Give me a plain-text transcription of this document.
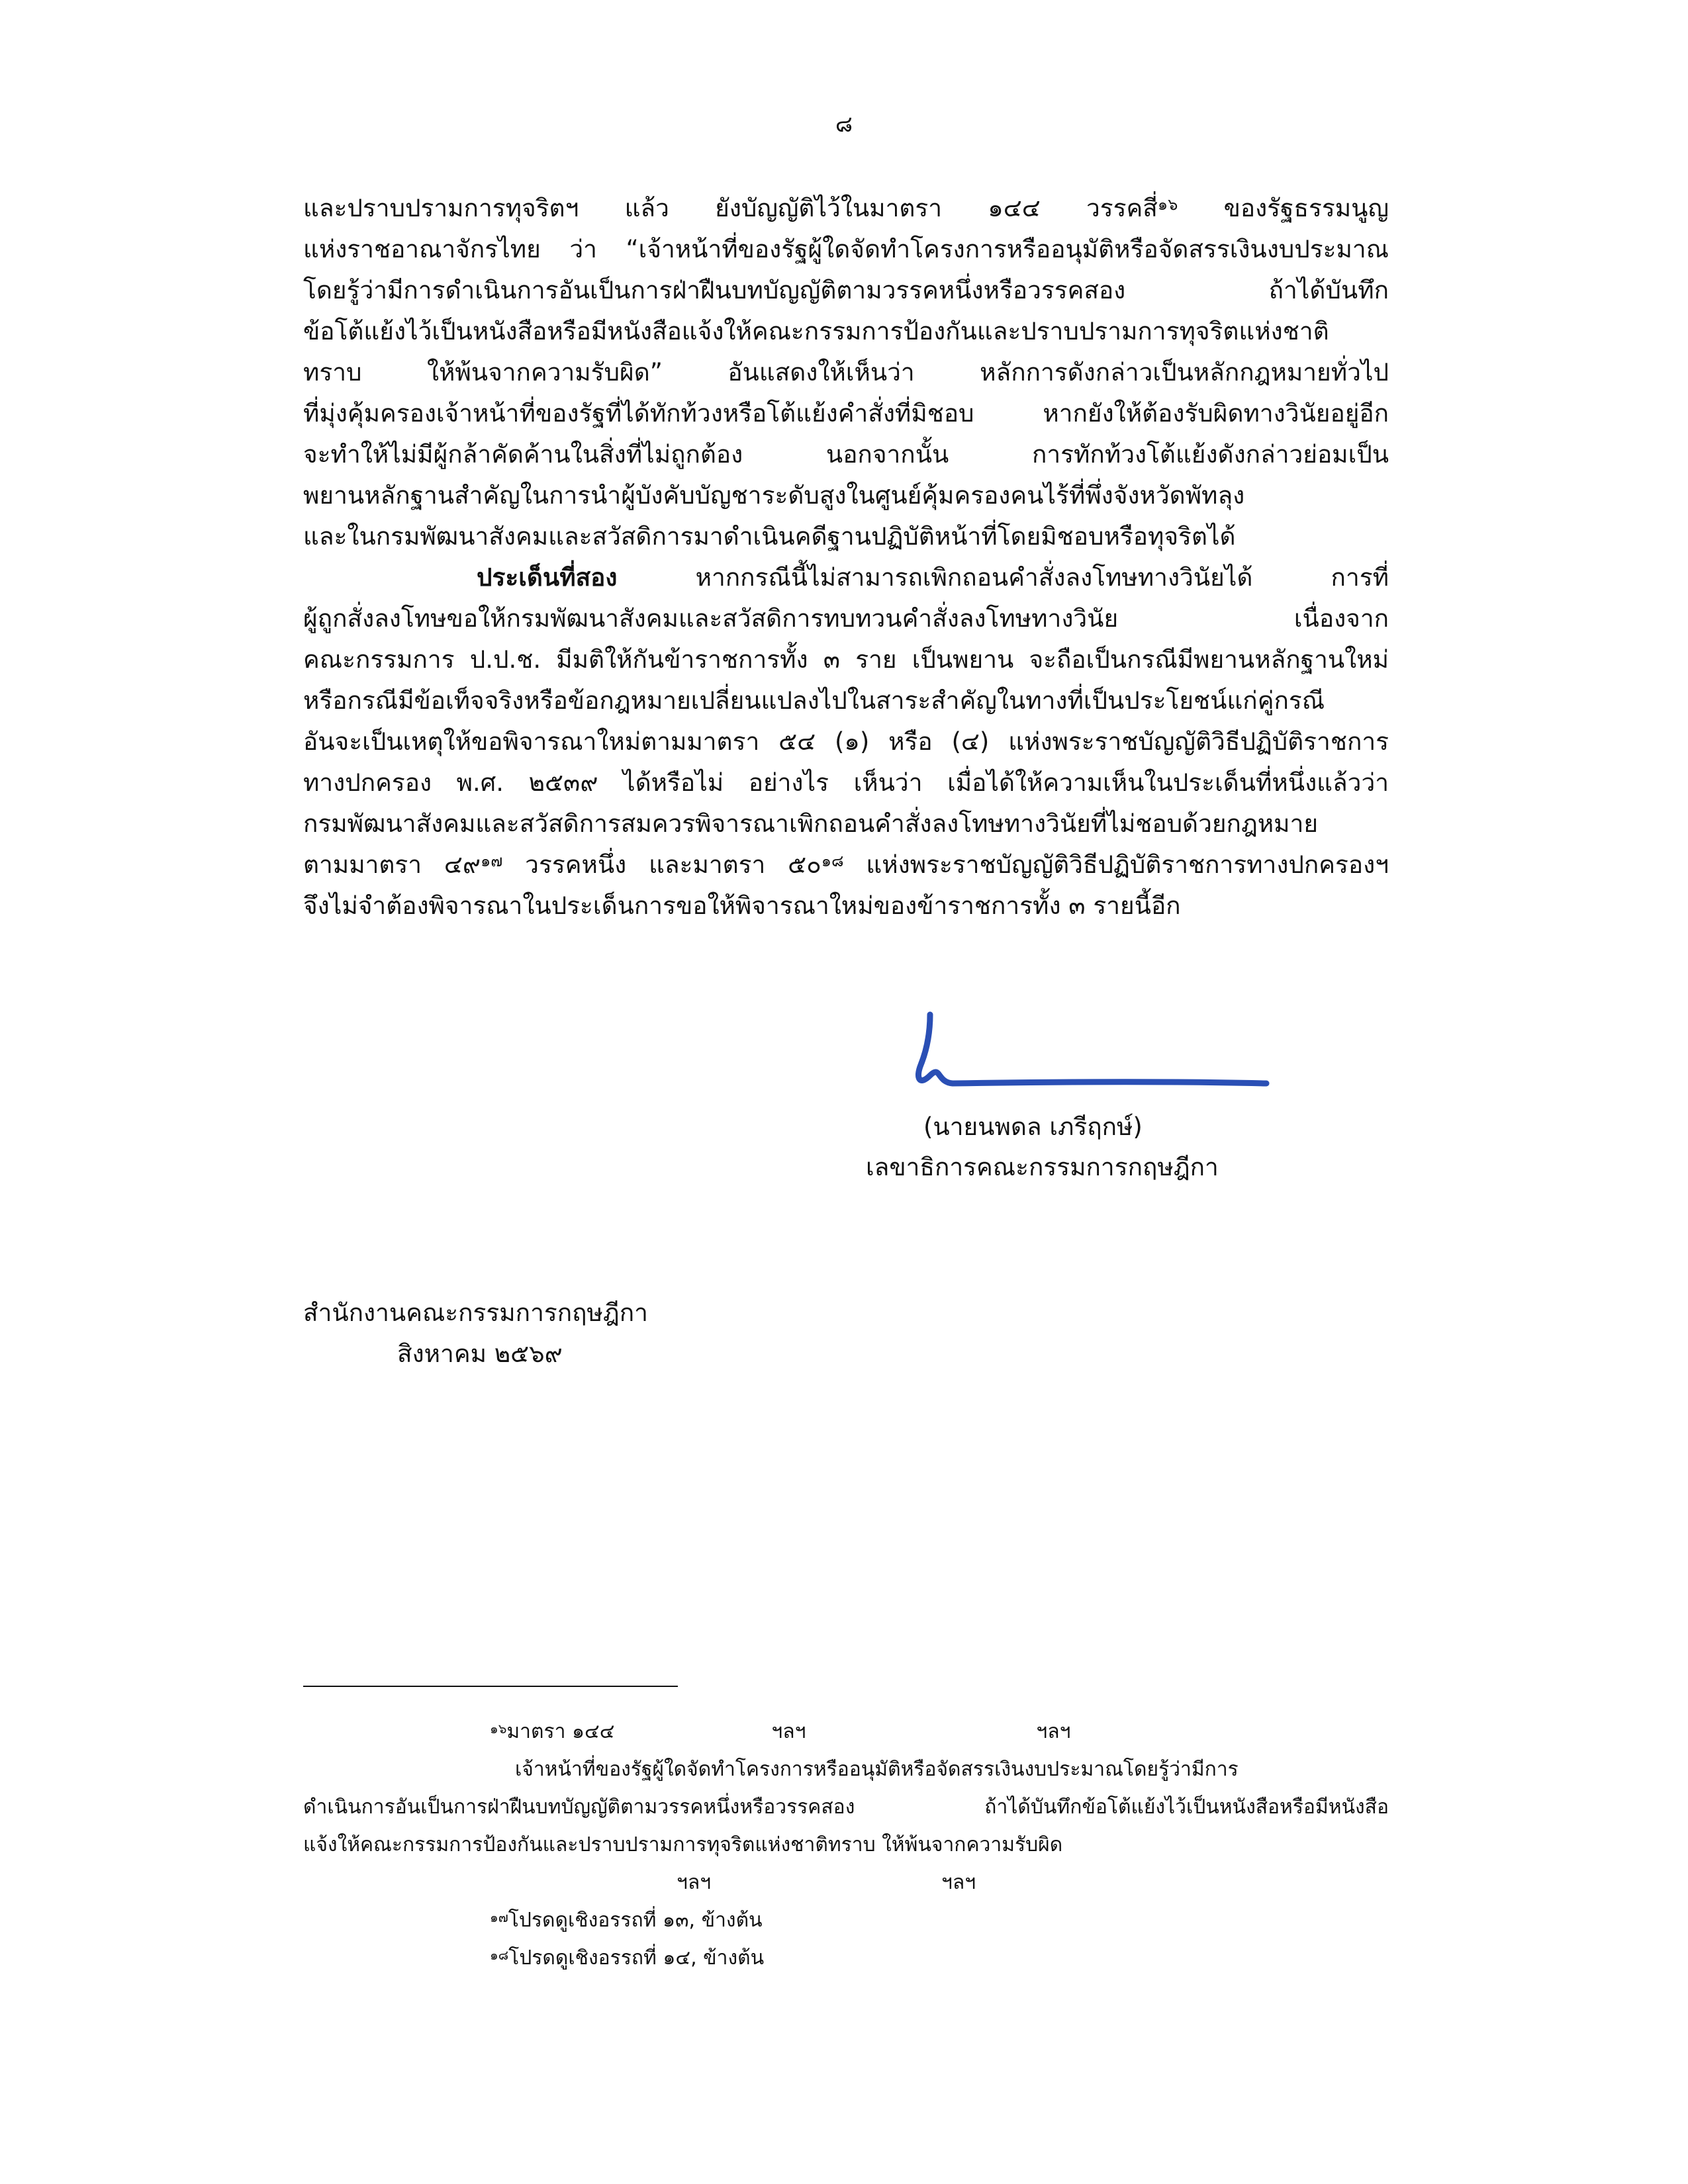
๘
และปราบปรามการทุจริตฯ แล้ว ยังบัญญัติไว้ในมาตรา ๑๔๔ วรรคสี่$^{๑๖}$ ของรัฐธรรมนูญ
แห่งราชอาณาจักรไทย ว่า “เจ้าหน้าที่ของรัฐผู้ใดจัดทำโครงการหรืออนุมัติหรือจัดสรรเงินงบประมาณ
โดยรู้ว่ามีการดำเนินการอันเป็นการฝ่าฝืนบทบัญญัติตามวรรคหนึ่งหรือวรรคสอง ถ้าได้บันทึก
ข้อโต้แย้งไว้เป็นหนังสือหรือมีหนังสือแจ้งให้คณะกรรมการป้องกันและปราบปรามการทุจริตแห่งชาติ
ทราบ ให้พ้นจากความรับผิด” อันแสดงให้เห็นว่า หลักการดังกล่าวเป็นหลักกฎหมายทั่วไป
ที่มุ่งคุ้มครองเจ้าหน้าที่ของรัฐที่ได้ทักท้วงหรือโต้แย้งคำสั่งที่มิชอบ หากยังให้ต้องรับผิดทางวินัยอยู่อีก
จะทำให้ไม่มีผู้กล้าคัดค้านในสิ่งที่ไม่ถูกต้อง นอกจากนั้น การทักท้วงโต้แย้งดังกล่าวย่อมเป็น
พยานหลักฐานสำคัญในการนำผู้บังคับบัญชาระดับสูงในศูนย์คุ้มครองคนไร้ที่พึ่งจังหวัดพัทลุง
และในกรมพัฒนาสังคมและสวัสดิการมาดำเนินคดีฐานปฏิบัติหน้าที่โดยมิชอบหรือทุจริตได้
ประเด็นที่สอง	หากกรณีนี้ไม่สามารถเพิกถอนคำสั่งลงโทษทางวินัยได้ การที่
ผู้ถูกสั่งลงโทษขอให้กรมพัฒนาสังคมและสวัสดิการทบทวนคำสั่งลงโทษทางวินัย เนื่องจาก
คณะกรรมการ ป.ป.ช. มีมติให้กันข้าราชการทั้ง ๓ ราย เป็นพยาน จะถือเป็นกรณีมีพยานหลักฐานใหม่
หรือกรณีมีข้อเท็จจริงหรือข้อกฎหมายเปลี่ยนแปลงไปในสาระสำคัญในทางที่เป็นประโยชน์แก่คู่กรณี
อันจะเป็นเหตุให้ขอพิจารณาใหม่ตามมาตรา ๕๔ (๑) หรือ (๔) แห่งพระราชบัญญัติวิธีปฏิบัติราชการ
ทางปกครอง พ.ศ. ๒๕๓๙ ได้หรือไม่ อย่างไร เห็นว่า เมื่อได้ให้ความเห็นในประเด็นที่หนึ่งแล้วว่า
กรมพัฒนาสังคมและสวัสดิการสมควรพิจารณาเพิกถอนคำสั่งลงโทษทางวินัยที่ไม่ชอบด้วยกฎหมาย
ตามมาตรา ๔๙$^{๑๗}$ วรรคหนึ่ง และมาตรา ๕๐$^{๑๘}$ แห่งพระราชบัญญัติวิธีปฏิบัติราชการทางปกครองฯ
จึงไม่จำต้องพิจารณาในประเด็นการขอให้พิจารณาใหม่ของข้าราชการทั้ง ๓ รายนี้อีก
(นายนพดล เภรีฤกษ์)
เลขาธิการคณะกรรมการกฤษฎีกา
สำนักงานคณะกรรมการกฤษฎีกา
สิงหาคม ๒๕๖๙
$^{๑๖}$มาตรา ๑๔๔	ฯลฯ	ฯลฯ
เจ้าหน้าที่ของรัฐผู้ใดจัดทำโครงการหรืออนุมัติหรือจัดสรรเงินงบประมาณโดยรู้ว่ามีการ
ดำเนินการอันเป็นการฝ่าฝืนบทบัญญัติตามวรรคหนึ่งหรือวรรคสอง ถ้าได้บันทึกข้อโต้แย้งไว้เป็นหนังสือหรือมีหนังสือ
แจ้งให้คณะกรรมการป้องกันและปราบปรามการทุจริตแห่งชาติทราบ ให้พ้นจากความรับผิด
ฯลฯ	ฯลฯ
$^{๑๗}$โปรดดูเชิงอรรถที่ ๑๓, ข้างต้น
$^{๑๘}$โปรดดูเชิงอรรถที่ ๑๔, ข้างต้น
